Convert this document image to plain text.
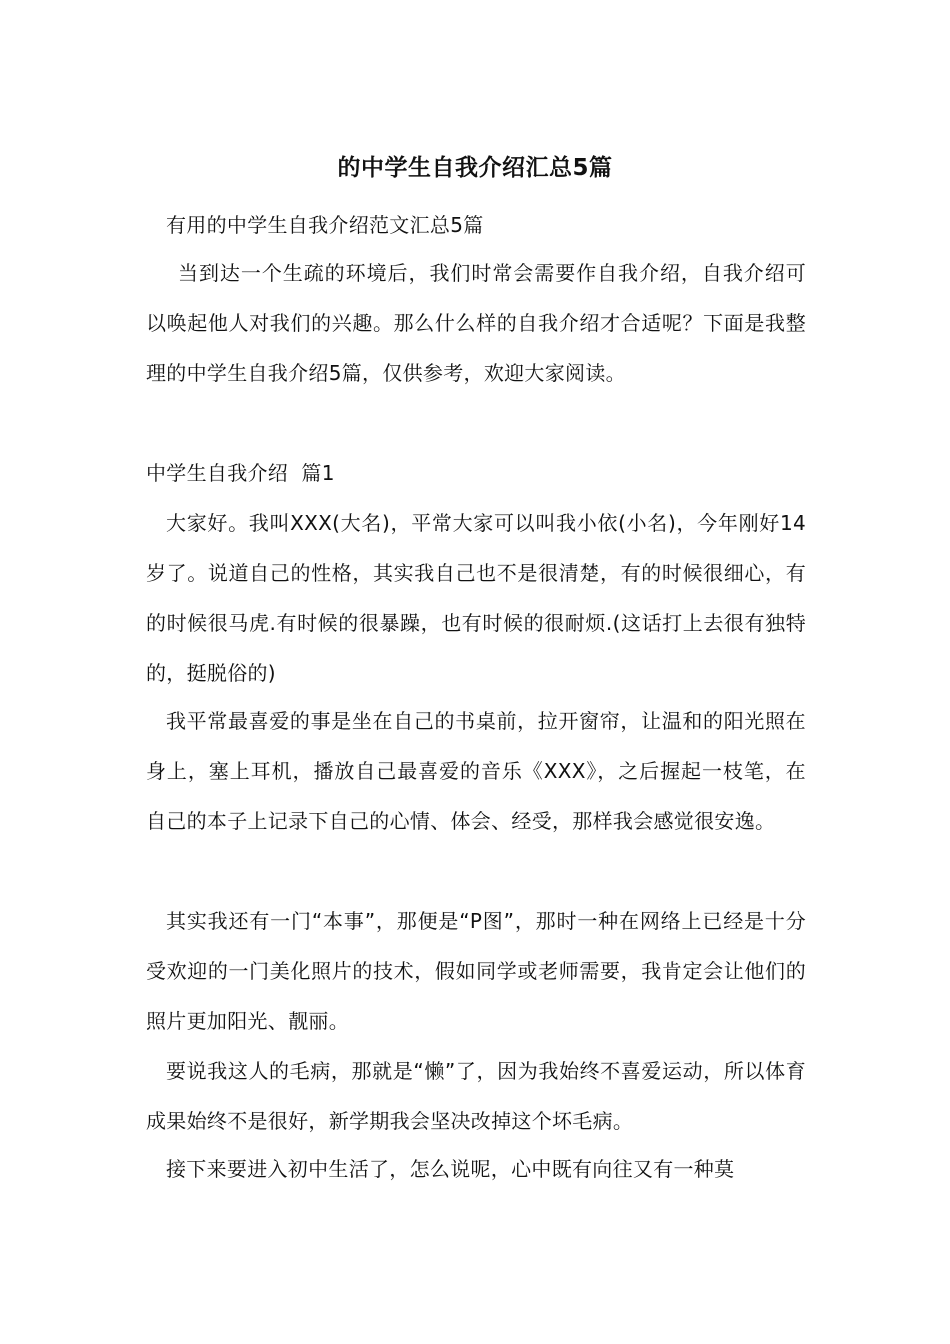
的中学生自我介绍汇总5篇
有用的中学生自我介绍范文汇总5篇
当到达一个生疏的环境后，我们时常会需要作自我介绍，自我介绍可以唤起他人对我们的兴趣。那么什么样的自我介绍才合适呢？下面是我整理的中学生自我介绍5篇，仅供参考，欢迎大家阅读。
中学生自我介绍  篇1
大家好。我叫XXX(大名)，平常大家可以叫我小依(小名)，今年刚好14岁了。说道自己的性格，其实我自己也不是很清楚，有的时候很细心，有的时候很马虎.有时候的很暴躁，也有时候的很耐烦.(这话打上去很有独特的，挺脱俗的)
我平常最喜爱的事是坐在自己的书桌前，拉开窗帘，让温和的阳光照在身上，塞上耳机，播放自己最喜爱的音乐《XXX》，之后握起一枝笔，在自己的本子上记录下自己的心情、体会、经受，那样我会感觉很安逸。
其实我还有一门“本事”，那便是“P图”，那时一种在网络上已经是十分受欢迎的一门美化照片的技术，假如同学或老师需要，我肯定会让他们的照片更加阳光、靓丽。
要说我这人的毛病，那就是“懒”了，因为我始终不喜爱运动，所以体育成果始终不是很好，新学期我会坚决改掉这个坏毛病。
接下来要进入初中生活了，怎么说呢，心中既有向往又有一种莫
